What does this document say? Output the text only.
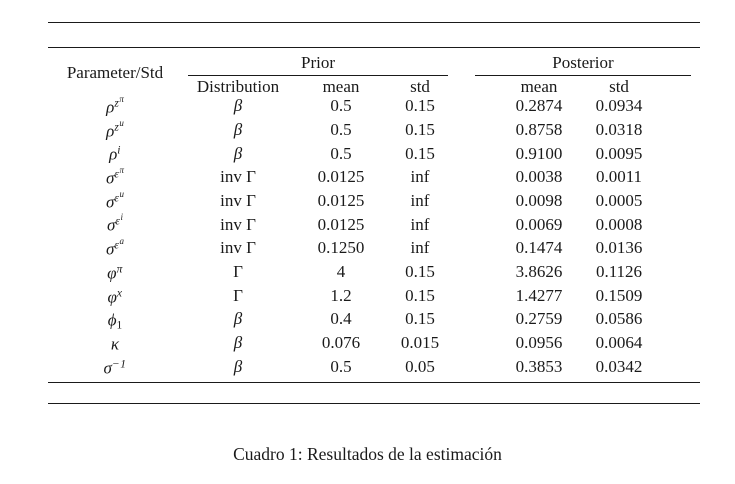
Parameter/Std
Prior	Posterior
Distribution	mean	std	mean	std
$\rho^{z\pi}$	β	0.5	0.15	0.2874	0.0934
$\rho^{zu}$	β	0.5	0.15	0.8758	0.0318
$\rho^i$	β	0.5	0.15	0.9100	0.0095
$\sigma^{\varepsilon\pi}$	inv Γ	0.0125	inf	0.0038	0.0011
$\sigma^{\varepsilon u}$	inv Γ	0.0125	inf	0.0098	0.0005
$\sigma^{\varepsilon i}$	inv Γ	0.0125	inf	0.0069	0.0008
$\sigma^{\varepsilon a}$	inv Γ	0.1250	inf	0.1474	0.0136
$\varphi^\pi$	Γ	4	0.15	3.8626	0.1126
$\varphi^x$	Γ	1.2	0.15	1.4277	0.1509
ϕ1	β	0.4	0.15	0.2759	0.0586
κ	β	0.076	0.015	0.0956	0.0064
$\sigma^{-1}$	β	0.5	0.05	0.3853	0.0342
Cuadro 1: Resultados de la estimación
